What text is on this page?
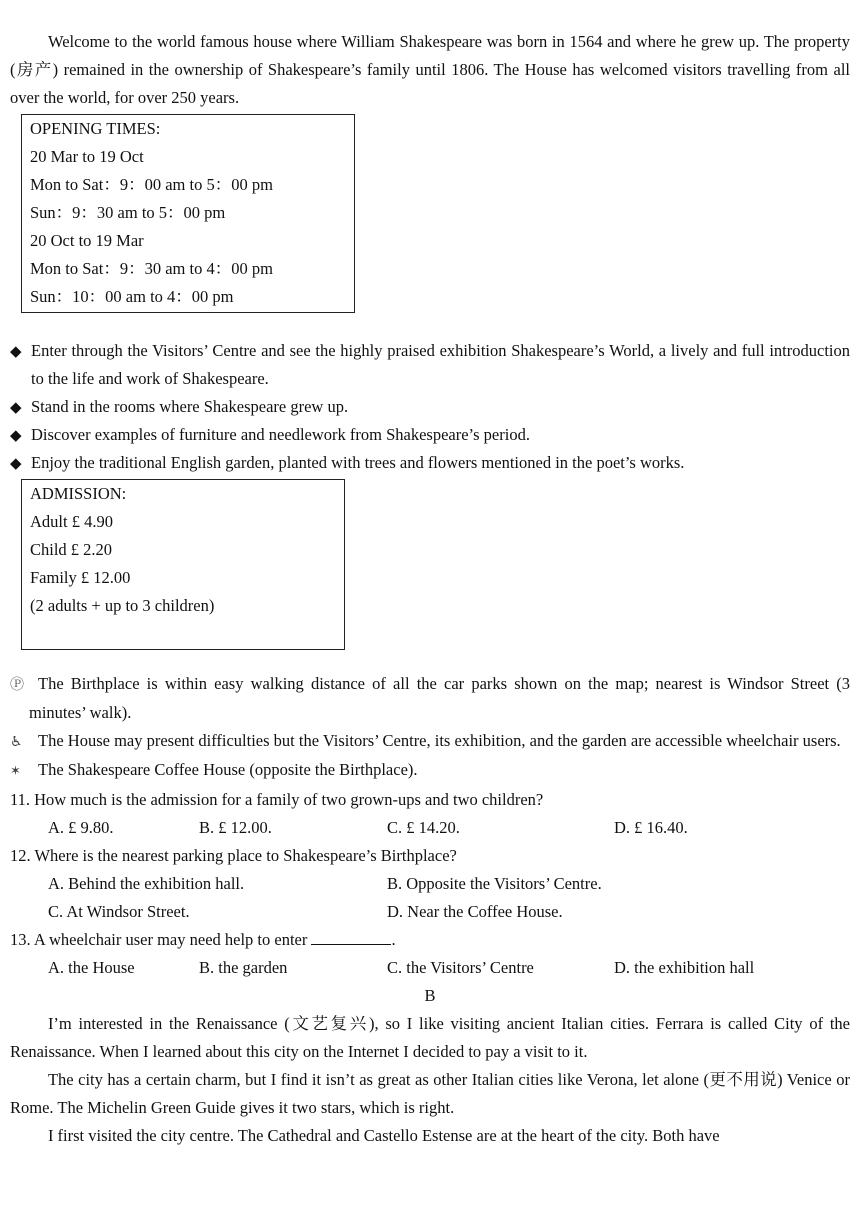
Welcome to the world famous house where William Shakespeare was born in 1564 and where he grew up. The property (房产) remained in the ownership of Shakespeare’s family until 1806. The House has welcomed visitors travelling from all over the world, for over 250 years.

OPENING TIMES:
20 Mar to 19 Oct
Mon to Sat：9：00 am to 5：00 pm
Sun：9：30 am to 5：00 pm
20 Oct to 19 Mar
Mon to Sat：9：30 am to 4：00 pm
Sun：10：00 am to 4：00 pm

◆ Enter through the Visitors’ Centre and see the highly praised exhibition Shakespeare’s World, a lively and full introduction to the life and work of Shakespeare.

◆ Stand in the rooms where Shakespeare grew up.

◆ Discover examples of furniture and needlework from Shakespeare’s period.

◆ Enjoy the traditional English garden, planted with trees and flowers mentioned in the poet’s works.

ADMISSION:
Adult £ 4.90
Child £ 2.20
Family £ 12.00
(2 adults + up to 3 children)

Ⓟ The Birthplace is within easy walking distance of all the car parks shown on the map; nearest is Windsor Street (3 minutes’ walk).

♿ The House may present difficulties but the Visitors’ Centre, its exhibition, and the garden are accessible wheelchair users.

✶ The Shakespeare Coffee House (opposite the Birthplace).

11. How much is the admission for a family of two grown-ups and two children?

A. £ 9.80.	B. £ 12.00.	C. £ 14.20.	D. £ 16.40.

12. Where is the nearest parking place to Shakespeare’s Birthplace?

A. Behind the exhibition hall.	B. Opposite the Visitors’ Centre.
C. At Windsor Street.	D. Near the Coffee House.

13. A wheelchair user may need help to enter	.

A. the House	B. the garden	C. the Visitors’ Centre	D. the exhibition hall

B

I’m interested in the Renaissance (文艺复兴), so I like visiting ancient Italian cities. Ferrara is called City of the Renaissance. When I learned about this city on the Internet I decided to pay a visit to it.

The city has a certain charm, but I find it isn’t as great as other Italian cities like Verona, let alone (更不用说) Venice or Rome. The Michelin Green Guide gives it two stars, which is right.

I first visited the city centre. The Cathedral and Castello Estense are at the heart of the city. Both have
